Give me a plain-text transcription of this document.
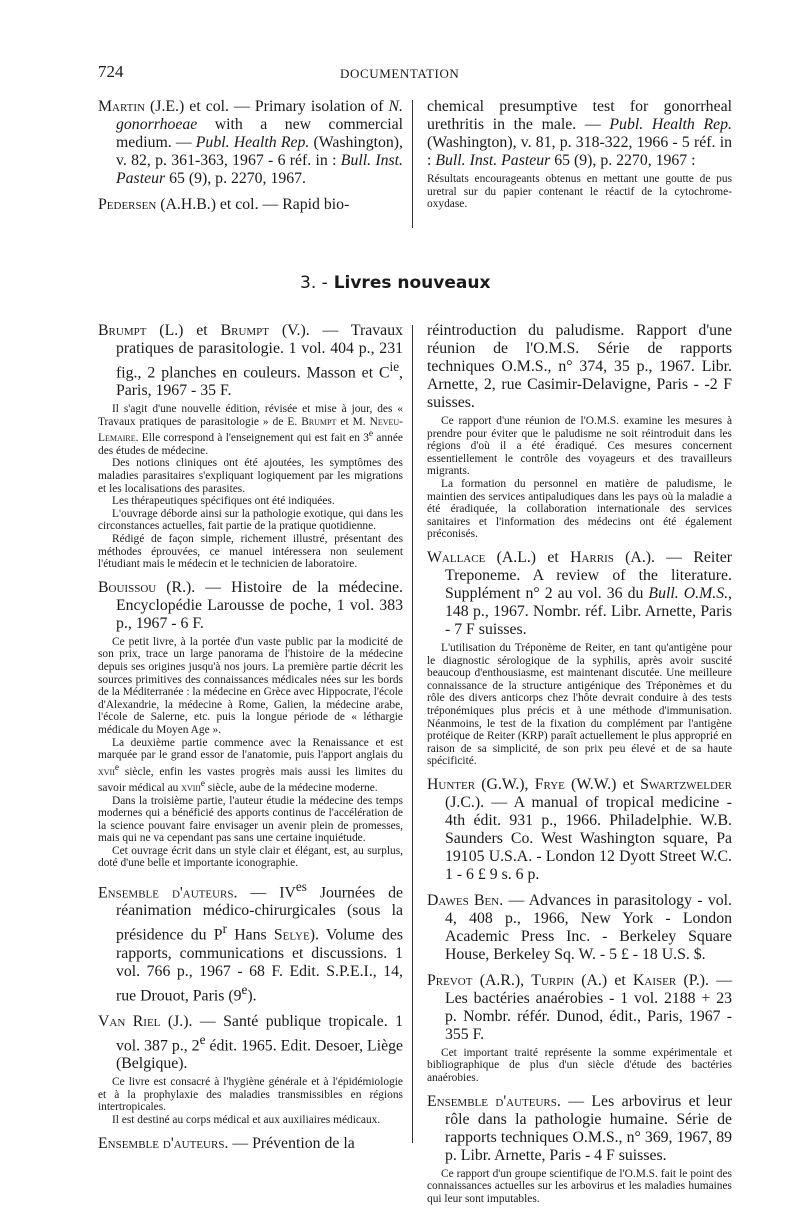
724	DOCUMENTATION
Martin (J.E.) et col. — Primary isolation of N. gonorrhoeae with a new commercial medium. — Publ. Health Rep. (Washington), v. 82, p. 361-363, 1967 - 6 réf. in : Bull. Inst. Pasteur 65 (9), p. 2270, 1967.
Pedersen (A.H.B.) et col. — Rapid bio-
chemical presumptive test for gonorrheal urethritis in the male. — Publ. Health Rep. (Washington), v. 81, p. 318-322, 1966 - 5 réf. in : Bull. Inst. Pasteur 65 (9), p. 2270, 1967 :

Résultats encourageants obtenus en mettant une goutte de pus uretral sur du papier contenant le réactif de la cytochrome-oxydase.

3. - Livres nouveaux
Brumpt (L.) et Brumpt (V.). — Travaux pratiques de parasitologie. 1 vol. 404 p., 231 fig., 2 planches en couleurs. Masson et $C^{ie}$, Paris, 1967 - 35 F.

Il s'agit d'une nouvelle édition, révisée et mise à jour, des « Travaux pratiques de parasitologie » de E. Brumpt et M. Neveu-Lemaire. Elle correspond à l'enseignement qui est fait en 3e année des études de médecine.

Des notions cliniques ont été ajoutées, les symptômes des maladies parasitaires s'expliquant logiquement par les migrations et les localisations des parasites.

Les thérapeutiques spécifiques ont été indiquées.

L'ouvrage déborde ainsi sur la pathologie exotique, qui dans les circonstances actuelles, fait partie de la pratique quotidienne.

Rédigé de façon simple, richement illustré, présentant des méthodes éprouvées, ce manuel intéressera non seulement l'étudiant mais le médecin et le technicien de laboratoire.

Bouissou (R.). — Histoire de la médecine. Encyclopédie Larousse de poche, 1 vol. 383 p., 1967 - 6 F.

Ce petit livre, à la portée d'un vaste public par la modicité de son prix, trace un large panorama de l'histoire de la médecine depuis ses origines jusqu'à nos jours. La première partie décrit les sources primitives des connaissances médicales nées sur les bords de la Méditerranée : la médecine en Grèce avec Hippocrate, l'école d'Alexandrie, la médecine à Rome, Galien, la médecine arabe, l'école de Salerne, etc. puis la longue période de « léthargie médicale du Moyen Age ».

La deuxième partie commence avec la Renaissance et est marquée par le grand essor de l'anatomie, puis l'apport anglais du xvii$^e$ siècle, enfin les vastes progrès mais aussi les limites du savoir médical au xviii$^e$ siècle, aube de la médecine moderne.

Dans la troisième partie, l'auteur étudie la médecine des temps modernes qui a bénéficié des apports continus de l'accélération de la science pouvant faire envisager un avenir plein de promesses, mais qui ne va cependant pas sans une certaine inquiétude.

Cet ouvrage écrit dans un style clair et élégant, est, au surplus, doté d'une belle et importante iconographie.

Ensemble d'auteurs. — $IV^{es}$ Journées de réanimation médico-chirurgicales (sous la présidence du $P^r$ Hans Selye). Volume des rapports, communications et discussions. 1 vol. 766 p., 1967 - 68 F. Edit. S.P.E.I., 14, rue Drouot, Paris (9e).
Van Riel (J.). — Santé publique tropicale. 1 vol. 387 p., 2e édit. 1965. Edit. Desoer, Liège (Belgique).

Ce livre est consacré à l'hygiène générale et à l'épidémiologie et à la prophylaxie des maladies transmissibles en régions intertropicales.

Il est destiné au corps médical et aux auxiliaires médicaux.

Ensemble d'auteurs. — Prévention de la
réintroduction du paludisme. Rapport d'une réunion de l'O.M.S. Série de rapports techniques O.M.S., n° 374, 35 p., 1967. Libr. Arnette, 2, rue Casimir-Delavigne, Paris - -2 F suisses.

Ce rapport d'une réunion de l'O.M.S. examine les mesures à prendre pour éviter que le paludisme ne soit réintroduit dans les régions d'où il a été éradiqué. Ces mesures concernent essentiellement le contrôle des voyageurs et des travailleurs migrants.

La formation du personnel en matière de paludisme, le maintien des services antipaludiques dans les pays où la maladie a été éradiquée, la collaboration internationale des services sanitaires et l'information des médecins ont été également préconisés.

Wallace (A.L.) et Harris (A.). — Reiter Treponeme. A review of the literature. Supplément n° 2 au vol. 36 du Bull. O.M.S., 148 p., 1967. Nombr. réf. Libr. Arnette, Paris - 7 F suisses.

L'utilisation du Tréponème de Reiter, en tant qu'antigène pour le diagnostic sérologique de la syphilis, après avoir suscité beaucoup d'enthousiasme, est maintenant discutée. Une meilleure connaissance de la structure antigénique des Tréponèmes et du rôle des divers anticorps chez l'hôte devrait conduire à des tests tréponémiques plus précis et à une méthode d'immunisation. Néanmoins, le test de la fixation du complément par l'antigène protéique de Reiter (KRP) paraît actuellement le plus approprié en raison de sa simplicité, de son prix peu élevé et de sa haute spécificité.

Hunter (G.W.), Frye (W.W.) et Swartzwelder (J.C.). — A manual of tropical medicine - 4th édit. 931 p., 1966. Philadelphie. W.B. Saunders Co. West Washington square, Pa 19105 U.S.A. - London 12 Dyott Street W.C. 1 - 6 £ 9 s. 6 p.
Dawes Ben. — Advances in parasitology - vol. 4, 408 p., 1966, New York - London Academic Press Inc. - Berkeley Square House, Berkeley Sq. W. - 5 £ - 18 U.S. $.
Prevot (A.R.), Turpin (A.) et Kaiser (P.). — Les bactéries anaérobies - 1 vol. 2188 + 23 p. Nombr. référ. Dunod, édit., Paris, 1967 - 355 F.

Cet important traité représente la somme expérimentale et bibliographique de plus d'un siècle d'étude des bactéries anaérobies.

Ensemble d'auteurs. — Les arbovirus et leur rôle dans la pathologie humaine. Série de rapports techniques O.M.S., n° 369, 1967, 89 p. Libr. Arnette, Paris - 4 F suisses.

Ce rapport d'un groupe scientifique de l'O.M.S. fait le point des connaissances actuelles sur les arbovirus et les maladies humaines qui leur sont imputables.
